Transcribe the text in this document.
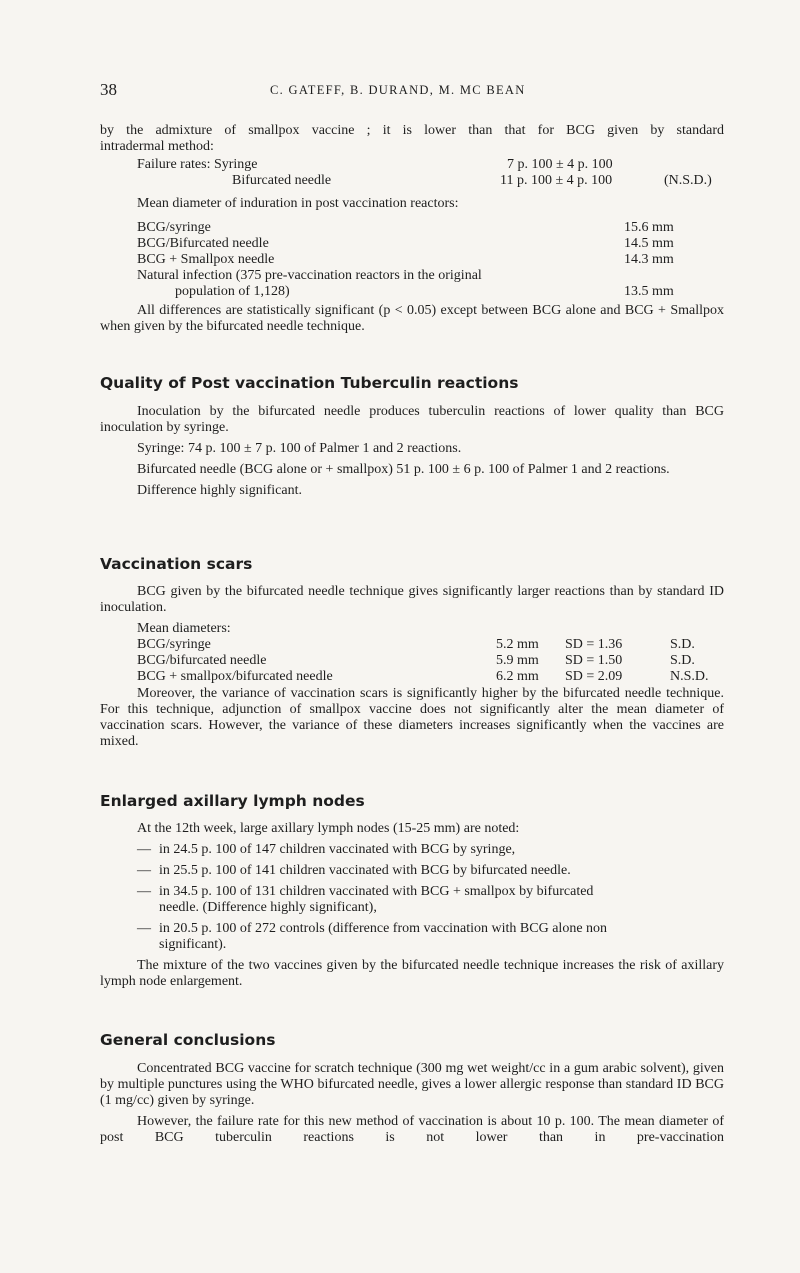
38	C. GATEFF, B. DURAND, M. MC BEAN

by the admixture of smallpox vaccine ; it is lower than that for BCG given by standard

intradermal method:

Failure rates: Syringe	7 p. 100 ± 4 p. 100
Bifurcated needle	11 p. 100 ± 4 p. 100	(N.S.D.)
Mean diameter of induration in post vaccination reactors:
BCG/syringe	15.6 mm
BCG/Bifurcated needle	14.5 mm
BCG + Smallpox needle	14.3 mm
Natural infection (375 pre-vaccination reactors in the original
population of 1,128)	13.5 mm

All differences are statistically significant (p < 0.05) except between BCG alone and BCG + Smallpox when given by the bifurcated needle technique.

Quality of Post vaccination Tuberculin reactions

Inoculation by the bifurcated needle produces tuberculin reactions of lower quality than BCG inoculation by syringe.

Syringe: 74 p. 100 ± 7 p. 100 of Palmer 1 and 2 reactions.

Bifurcated needle (BCG alone or + smallpox) 51 p. 100 ± 6 p. 100 of Palmer 1 and 2 reactions.

Difference highly significant.

Vaccination scars

BCG given by the bifurcated needle technique gives significantly larger reactions than by standard ID inoculation.

Mean diameters:
BCG/syringe	5.2 mm SD = 1.36	S.D.
BCG/bifurcated needle	5.9 mm SD = 1.50	S.D.
BCG + smallpox/bifurcated needle	6.2 mm SD = 2.09	N.S.D.

Moreover, the variance of vaccination scars is significantly higher by the bifurcated needle technique. For this technique, adjunction of smallpox vaccine does not significantly alter the mean diameter of vaccination scars. However, the variance of these diameters increases significantly when the vaccines are mixed.

Enlarged axillary lymph nodes

At the 12th week, large axillary lymph nodes (15-25 mm) are noted:

— in 24.5 p. 100 of 147 children vaccinated with BCG by syringe,
— in 25.5 p. 100 of 141 children vaccinated with BCG by bifurcated needle.
— in 34.5 p. 100 of 131 children vaccinated with BCG + smallpox by bifurcated
needle. (Difference highly significant),
— in 20.5 p. 100 of 272 controls (difference from vaccination with BCG alone non
significant).

The mixture of the two vaccines given by the bifurcated needle technique increases the risk of axillary lymph node enlargement.

General conclusions

Concentrated BCG vaccine for scratch technique (300 mg wet weight/cc in a gum arabic solvent), given by multiple punctures using the WHO bifurcated needle, gives a lower allergic response than standard ID BCG (1 mg/cc) given by syringe.

However, the failure rate for this new method of vaccination is about 10 p. 100. The mean diameter of post BCG tuberculin reactions is not lower than in pre-vaccination
